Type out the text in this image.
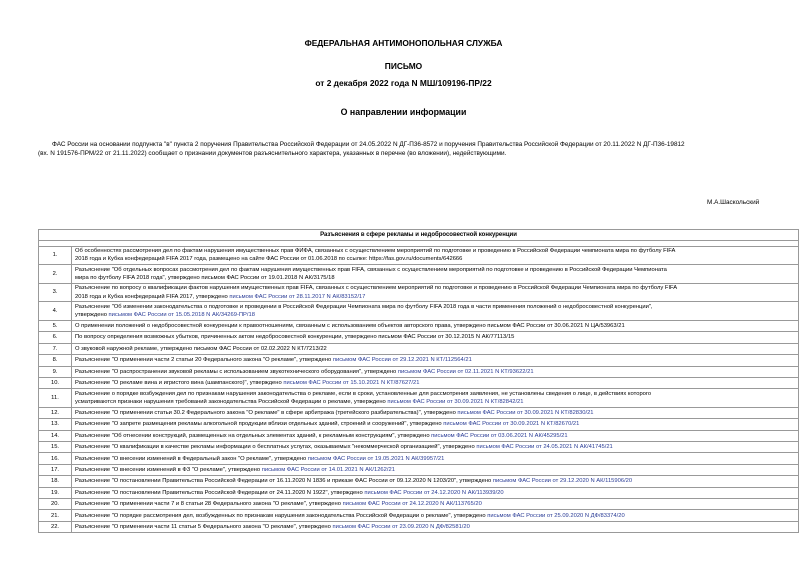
ФЕДЕРАЛЬНАЯ АНТИМОНОПОЛЬНАЯ СЛУЖБА
ПИСЬМО
от 2 декабря 2022 года N МШ/109196-ПР/22
О направлении информации
ФАС России на основании подпункта "в" пункта 2 поручения Правительства Российской Федерации от 24.05.2022 N ДГ-П36-8572 и поручения Правительства Российской Федерации от 20.11.2022 N ДГ-П36-19812
(вх. N 191576-ПРМ/22 от 21.11.2022) сообщает о признании документов разъяснительного характера, указанных в перечне (во вложении), недействующими.
М.А.Шаскольский
Разъяснения в сфере рекламы и недобросовестной конкуренции	

1.	Об особенностях рассмотрения дел по фактам нарушения имущественных прав ФИФА, связанных с осуществлением мероприятий по подготовке и проведению в Российской Федерации чемпионата мира по футболу FIFA
2018 года и Кубка конфедераций FIFA 2017 года, размещено на сайте ФАС России от 01.06.2018 по ссылке: https://fas.gov.ru/documents/642666

2.	Разъяснение "Об отдельных вопросах рассмотрения дел по фактам нарушения имущественных прав FIFA, связанных с осуществлением мероприятий по подготовке и проведению в Российской Федерации Чемпионата
мира по футболу FIFA 2018 года", утверждено письмом ФАС России от 19.01.2018 N АК/3175/18

3.	Разъяснение по вопросу о квалификации фактов нарушения имущественных прав FIFA, связанных с осуществлением мероприятий по подготовке и проведению в Российской Федерации Чемпионата мира по футболу FIFA
2018 года и Кубка конфедераций FIFA 2017, утверждено письмом ФАС России от 28.11.2017 N АК/83152/17

4.	Разъяснение "Об изменении законодательства о подготовке и проведении в Российской Федерации Чемпионата мира по футболу FIFA 2018 года в части применения положений о недобросовестной конкуренции",
утверждено письмом ФАС России от 15.05.2018 N АК/34269-ПР/18

5.	О применении положений о недобросовестной конкуренции к правоотношениям, связанным с использованием объектов авторского права, утверждено письмом ФАС России от 30.06.2021 N ЦА/53963/21

6.	По вопросу определения возможных убытков, причиненных актом недобросовестной конкуренции, утверждено письмом ФАС России от 30.12.2015 N АК/77113/15

7.	О звуковой наружной рекламе, утверждено письмом ФАС России от 02.02.2022 N КТ/7213/22

8.	Разъяснение "О применении части 2 статьи 20 Федерального закона "О рекламе", утверждено письмом ФАС России от 29.12.2021 N КТ/112564/21

9.	Разъяснение "О распространении звуковой рекламы с использованием звукотехнического оборудования", утверждено письмом ФАС России от 02.11.2021 N КТ/93622/21

10.	Разъяснение "О рекламе вина и игристого вина (шампанского)", утверждено письмом ФАС России от 15.10.2021 N КТ/87627/21

11.	Разъяснение о порядке возбуждения дел по признакам нарушения законодательства о рекламе, если в сроки, установленные для рассмотрения заявления, не установлены сведения о лице, в действиях которого
усматриваются признаки нарушения требований законодательства Российской Федерации о рекламе, утверждено письмом ФАС России от 30.09.2021 N КТ/82842/21

12.	Разъяснение "О применении статьи 30.2 Федерального закона "О рекламе" в сфере арбитража (третейского разбирательства)", утверждено письмом ФАС России от 30.09.2021 N КТ/82830/21

13.	Разъяснение "О запрете размещения рекламы алкогольной продукции вблизи отдельных зданий, строений и сооружений", утверждено письмом ФАС России от 30.09.2021 N КТ/82670/21

14.	Разъяснение "Об отнесении конструкций, размещенных на отдельных элементах зданий, к рекламным конструкциям", утверждено письмом ФАС России от 03.06.2021 N АК/45295/21

15.	Разъяснение "О квалификации в качестве рекламы информации о бесплатных услугах, оказываемых "некоммерческой организацией", утверждено письмом ФАС России от 24.05.2021 N АК/41745/21

16.	Разъяснение "О внесении изменений в Федеральный закон "О рекламе", утверждено письмом ФАС России от 19.05.2021 N АК/39957/21

17.	Разъяснение "О внесении изменений в ФЗ "О рекламе", утверждено письмом ФАС России от 14.01.2021 N АК/1262/21

18.	Разъяснение "О постановлении Правительства Российской Федерации от 16.11.2020 N 1836 и приказе ФАС России от 09.12.2020 N 1203/20", утверждено письмом ФАС России от 29.12.2020 N АК/115906/20

19.	Разъяснение "О постановлении Правительства Российской Федерации от 24.11.2020 N 1922", утверждено письмом ФАС России от 24.12.2020 N АК/113939/20

20.	Разъяснение "О применении части 7 и 8 статьи 28 Федерального закона "О рекламе", утверждено письмом ФАС России от 24.12.2020 N АК/113765/20

21.	Разъяснение "О порядке рассмотрения дел, возбужденных по признакам нарушения законодательства Российской Федерации о рекламе", утверждено письмом ФАС России от 25.09.2020 N ДФ/83374/20

22.	Разъяснение "О применении части 11 статьи 5 Федерального закона "О рекламе", утверждено письмом ФАС России от 23.09.2020 N ДФ/82581/20
